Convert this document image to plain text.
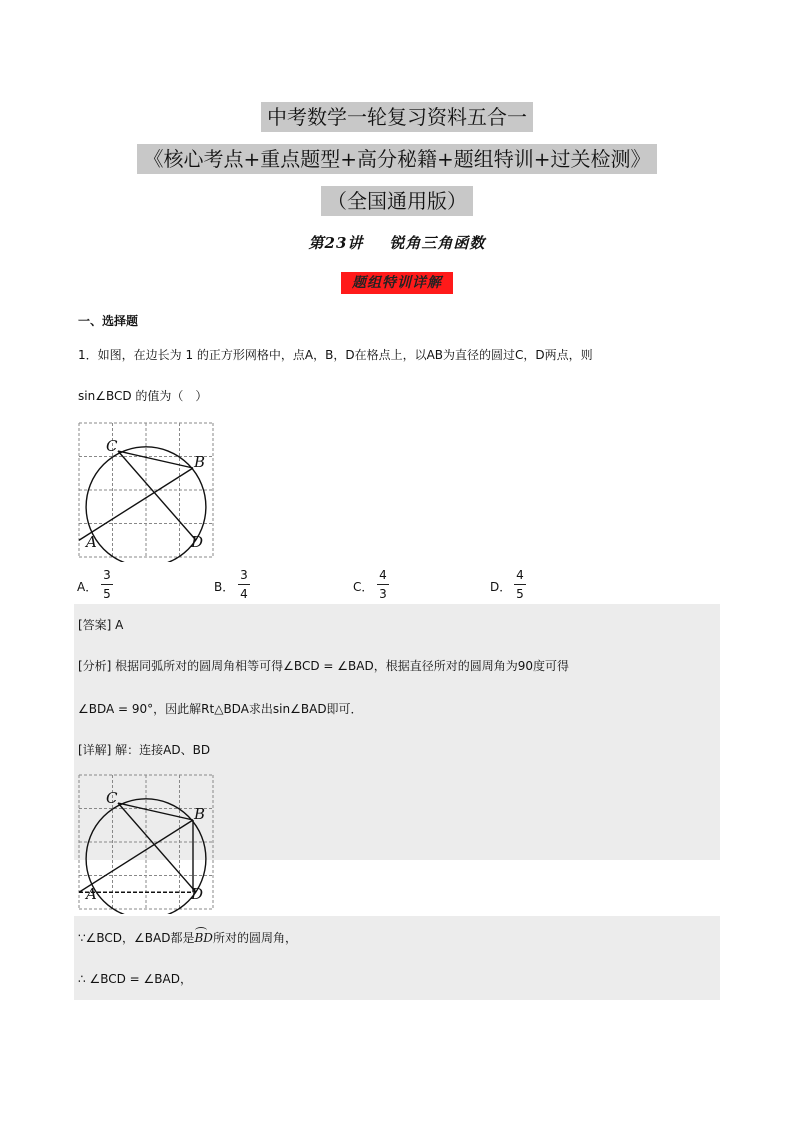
中考数学一轮复习资料五合一
《核心考点+重点题型+高分秘籍+题组特训+过关检测》
（全国通用版）
第23讲 锐角三角函数
题组特训详解
一、选择题
1．如图，在边长为 1 的正方形网格中，点A，B，D在格点上，以AB为直径的圆过C，D两点，则
sin∠BCD 的值为（　）
C
B
A	D
A．
3
5	B．
3
4	C．
4
3	D．
4
5
[答案] A
[分析] 根据同弧所对的圆周角相等可得∠BCD = ∠BAD，根据直径所对的圆周角为90度可得
∠BDA = 90°，因此解Rt△BDA求出sin∠BAD即可．
[详解] 解：连接AD、BD
C
B
A	D
∵∠BCD，∠BAD都是BD所对的圆周角，
∴ ∠BCD = ∠BAD，
